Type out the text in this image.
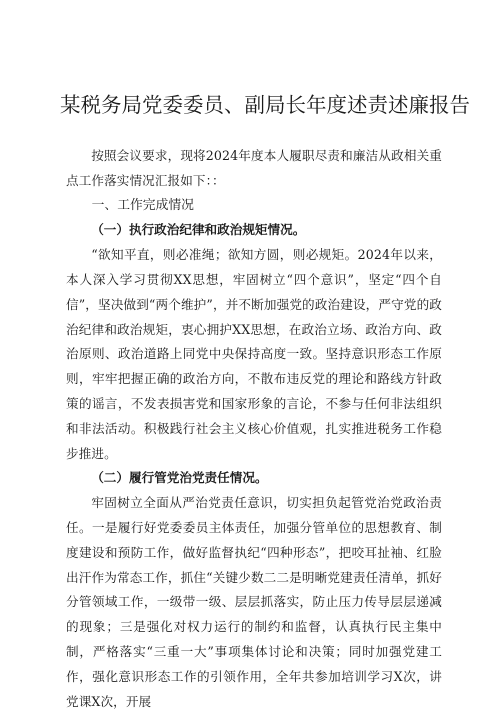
某税务局党委委员、副局长年度述责述廉报告

按照会议要求，现将2024年度本人履职尽责和廉洁从政相关重点工作落实情况汇报如下：：

一、工作完成情况

（一）执行政治纪律和政治规矩情况。

“欲知平直，则必准绳；欲知方圆，则必规矩。2024年以来，本人深入学习贯彻XX思想，牢固树立“四个意识”，坚定“四个自信”，坚决做到“两个维护”，并不断加强党的政治建设，严守党的政治纪律和政治规矩，衷心拥护XX思想，在政治立场、政治方向、政治原则、政治道路上同党中央保持高度一致。坚持意识形态工作原则，牢牢把握正确的政治方向，不散布违反党的理论和路线方针政策的谣言，不发表损害党和国家形象的言论，不参与任何非法组织和非法活动。积极践行社会主义核心价值观，扎实推进税务工作稳步推进。

（二）履行管党治党责任情况。

牢固树立全面从严治党责任意识，切实担负起管党治党政治责任。一是履行好党委委员主体责任，加强分管单位的思想教育、制度建设和预防工作，做好监督执纪“四种形态”，把咬耳扯袖、红脸出汗作为常态工作，抓住“关键少数二二是明晰党建责任清单，抓好分管领域工作，一级带一级、层层抓落实，防止压力传导层层递减的现象；三是强化对权力运行的制约和监督，认真执行民主集中制，严格落实“三重一大”事项集体讨论和决策；同时加强党建工作，强化意识形态工作的引领作用，全年共参加培训学习X次，讲党课X次，开展
